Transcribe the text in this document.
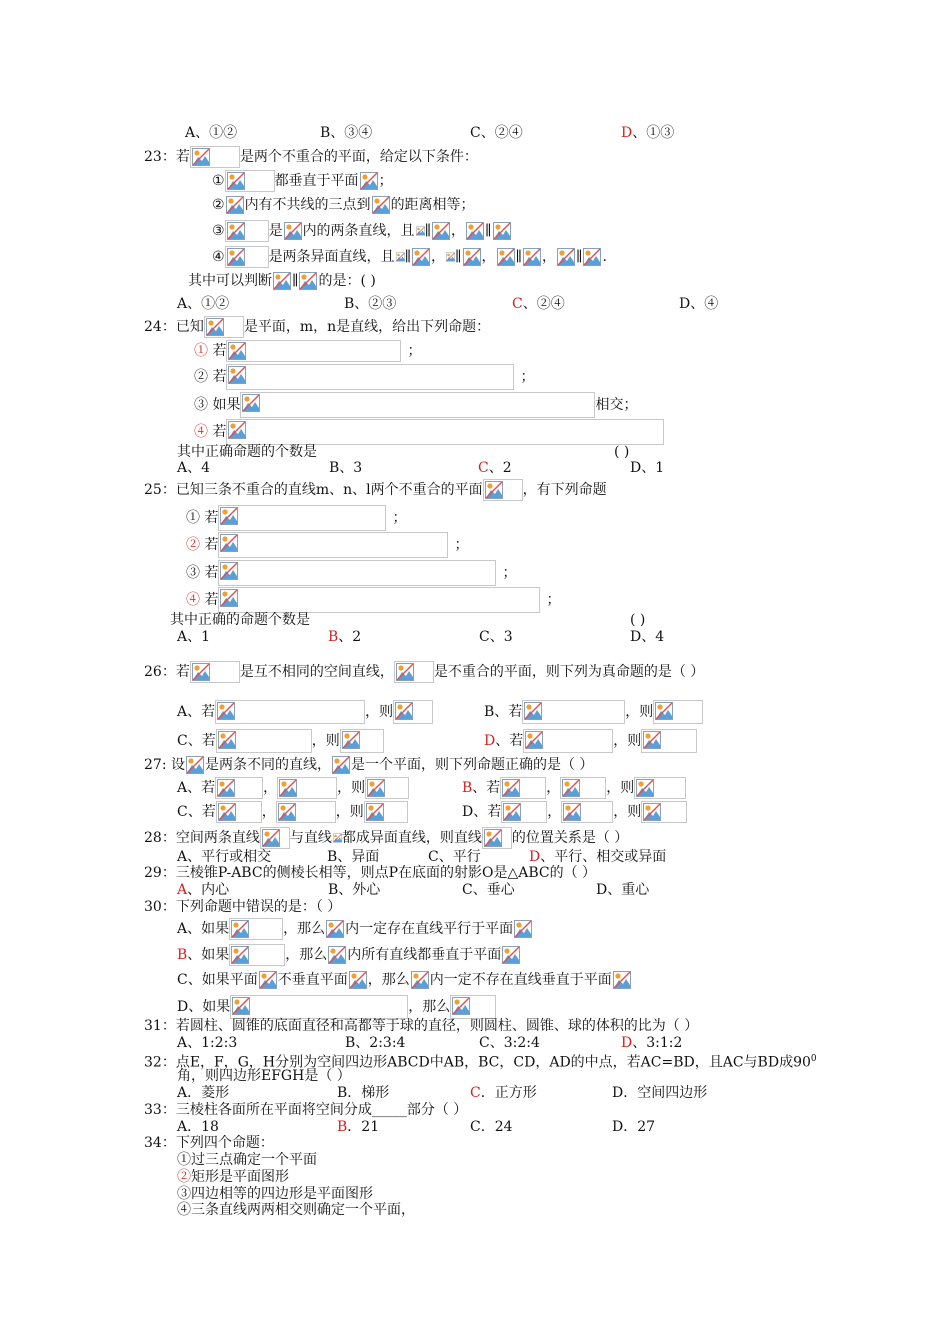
A、①②	B、③④	C、②④	D、①③
23：若	是两个不重合的平面，给定以下条件：
①	都垂直于平面 ；
② 内有不共线的三点到 的距离相等；
③	是 内的两条直线，且 ∥ ， ∥
④	是两条异面直线，且 ∥ ， ∥ ， ∥ ， ∥ .
其中可以判断 ∥ 的是：( )
A、①②	B、②③	C、②④	D、④
24：已知	是平面，m，n是直线，给出下列命题：
① 若	；
② 若	；
③ 如果	相交；
④ 若
其中正确命题的个数是	( )
A、4	B、3	C、2	D、1
25：已知三条不重合的直线m、n、l两个不重合的平面	，有下列命题
① 若	；
② 若	；
③ 若	；
④ 若	；
其中正确的命题个数是	( )
A、1	B、2	C、3	D、4
26：若	是互不相同的空间直线，	是不重合的平面，则下列为真命题的是（ ）
A、若	，则	B、若	，则
C、若	，则	D、若	，则
27: 设 是两条不同的直线， 是一个平面，则下列命题正确的是（ ）
A、若	，	，则	B、若	，	，则
C、若	，	，则	D、若	，	，则
28：空间两条直线 与直线 都成异面直线，则直线 的位置关系是（ ）
A、平行或相交	B、异面	C、平行	D、平行、相交或异面
29：三棱锥P-ABC的侧棱长相等，则点P在底面的射影O是△ABC的（ ）
A、内心	B、外心	C、垂心	D、重心
30：下列命题中错误的是：（ ）
A、如果	，那么 内一定存在直线平行于平面
B、如果	，那么 内所有直线都垂直于平面
C、如果平面 不垂直平面 ，那么 内一定不存在直线垂直于平面
D、如果	，那么
31：若圆柱、圆锥的底面直径和高都等于球的直径，则圆柱、圆锥、球的体积的比为（ ）
A、1:2:3	B、2:3:4	C、3:2:4	D、3:1:2
32：点E，F，G，H分别为空间四边形ABCD中AB，BC，CD，AD的中点，若AC=BD，且AC与BD成$90^0$
角，则四边形EFGH是（ ）
A．菱形	B．梯形	C．正方形	D．空间四边形
33：三棱柱各面所在平面将空间分成_____部分（ ）
A．18	B．21	C．24	D．27
34：下列四个命题：
①过三点确定一个平面
②矩形是平面图形
③四边相等的四边形是平面图形
④三条直线两两相交则确定一个平面，
